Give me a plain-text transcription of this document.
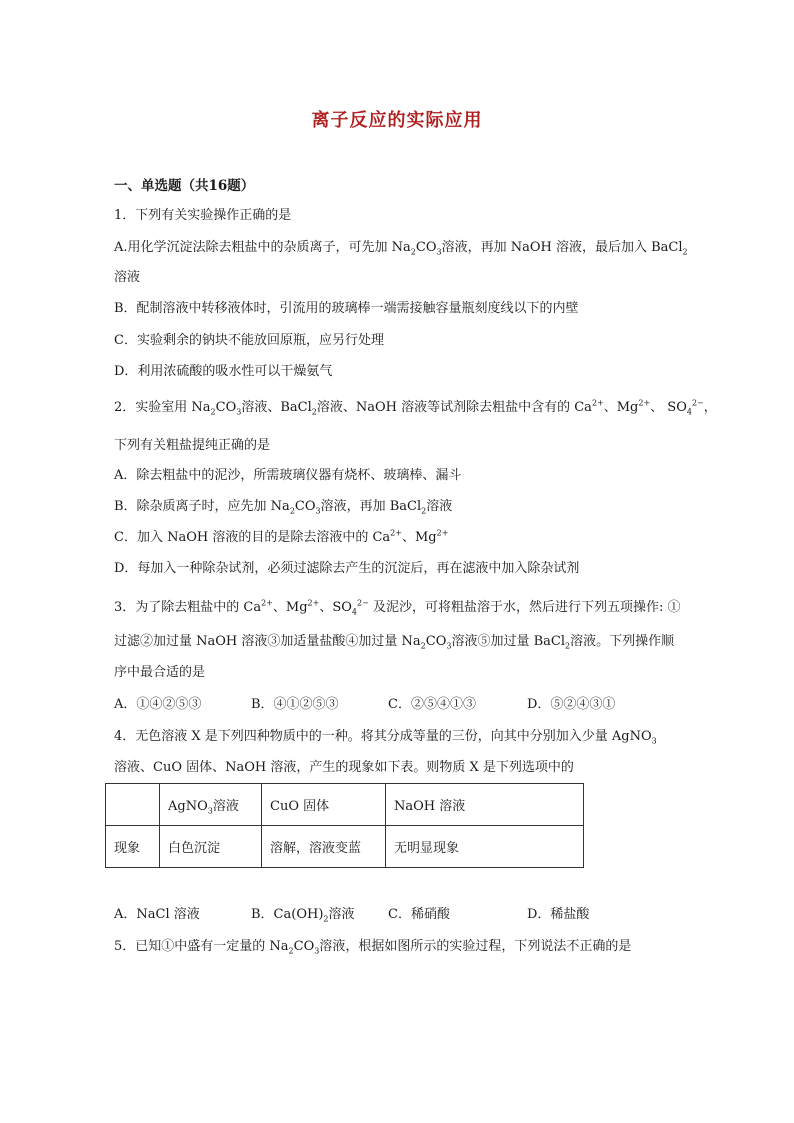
离子反应的实际应用
一、单选题（共16题）
1．下列有关实验操作正确的是
A.用化学沉淀法除去粗盐中的杂质离子，可先加 $Na_2CO_3$溶液，再加 NaOH 溶液，最后加入 BaCl$_2$
溶液
B．配制溶液中转移液体时，引流用的玻璃棒一端需接触容量瓶刻度线以下的内壁
C．实验剩余的钠块不能放回原瓶，应另行处理
D．利用浓硫酸的吸水性可以干燥氨气
2．实验室用 $Na_2CO_3$溶液、BaCl$_2$溶液、NaOH 溶液等试剂除去粗盐中含有的 $Ca^{2+}$、$Mg^{2+}$、 $SO_4^{2-}$，
下列有关粗盐提纯正确的是
A．除去粗盐中的泥沙，所需玻璃仪器有烧杯、玻璃棒、漏斗
B．除杂质离子时，应先加 $Na_2CO_3$溶液，再加 BaCl$_2$溶液
C．加入 NaOH 溶液的目的是除去溶液中的 $Ca^{2+}$、$Mg^{2+}$
D．每加入一种除杂试剂，必须过滤除去产生的沉淀后，再在滤液中加入除杂试剂
3．为了除去粗盐中的 $Ca^{2+}$、$Mg^{2+}$、$SO_4^{2-}$ 及泥沙，可将粗盐溶于水，然后进行下列五项操作: ①
过滤②加过量 NaOH 溶液③加适量盐酸④加过量 $Na_2CO_3$溶液⑤加过量 BaCl$_2$溶液。下列操作顺
序中最合适的是
A．①④②⑤③	B．④①②⑤③	C．②⑤④①③	D．⑤②④③①
4．无色溶液 X 是下列四种物质中的一种。将其分成等量的三份，向其中分别加入少量 AgNO$_3$
溶液、CuO 固体、NaOH 溶液，产生的现象如下表。则物质 X 是下列选项中的
	AgNO$_3$溶液	CuO 固体	NaOH 溶液
现象	白色沉淀	溶解，溶液变蓝	无明显现象
A．NaCl 溶液	B．$Ca(OH)_2$溶液	C．稀硝酸	D．稀盐酸
5．已知①中盛有一定量的 $Na_2CO_3$溶液，根据如图所示的实验过程，下列说法不正确的是
